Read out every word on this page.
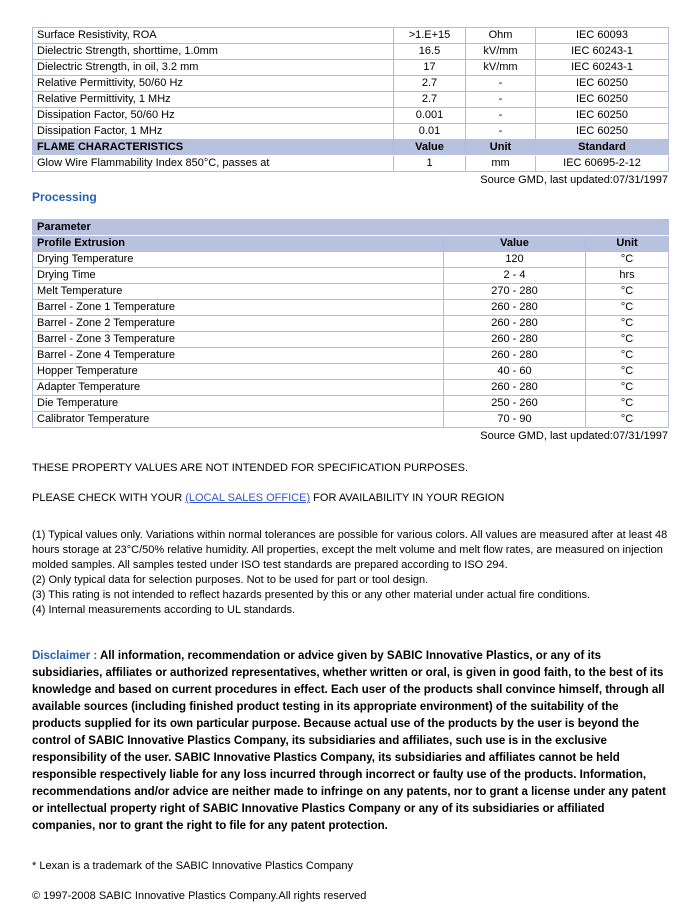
Surface Resistivity, ROA	>1.E+15	Ohm	IEC 60093
Dielectric Strength, shorttime, 1.0mm	16.5	kV/mm	IEC 60243-1
Dielectric Strength, in oil, 3.2 mm	17	kV/mm	IEC 60243-1
Relative Permittivity, 50/60 Hz	2.7	-	IEC 60250
Relative Permittivity, 1 MHz	2.7	-	IEC 60250
Dissipation Factor, 50/60 Hz	0.001	-	IEC 60250
Dissipation Factor, 1 MHz	0.01	-	IEC 60250
FLAME CHARACTERISTICS	Value	Unit	Standard
Glow Wire Flammability Index 850°C, passes at	1	mm	IEC 60695-2-12
Source GMD, last updated:07/31/1997
Processing
Parameter		
Profile Extrusion	Value	Unit
Drying Temperature	120	°C
Drying Time	2 - 4	hrs
Melt Temperature	270 - 280	°C
Barrel - Zone 1 Temperature	260 - 280	°C
Barrel - Zone 2 Temperature	260 - 280	°C
Barrel - Zone 3 Temperature	260 - 280	°C
Barrel - Zone 4 Temperature	260 - 280	°C
Hopper Temperature	40 - 60	°C
Adapter Temperature	260 - 280	°C
Die Temperature	250 - 260	°C
Calibrator Temperature	70 - 90	°C
Source GMD, last updated:07/31/1997
THESE PROPERTY VALUES ARE NOT INTENDED FOR SPECIFICATION PURPOSES.
PLEASE CHECK WITH YOUR (LOCAL SALES OFFICE) FOR AVAILABILITY IN YOUR REGION
(1) Typical values only. Variations within normal tolerances are possible for various colors. All values are measured after at least 48 hours storage at 23°C/50% relative humidity. All properties, except the melt volume and melt flow rates, are measured on injection molded samples. All samples tested under ISO test standards are prepared according to ISO 294.
(2) Only typical data for selection purposes. Not to be used for part or tool design.
(3) This rating is not intended to reflect hazards presented by this or any other material under actual fire conditions.
(4) Internal measurements according to UL standards.
Disclaimer : All information, recommendation or advice given by SABIC Innovative Plastics, or any of its subsidiaries, affiliates or authorized representatives, whether written or oral, is given in good faith, to the best of its knowledge and based on current procedures in effect. Each user of the products shall convince himself, through all available sources (including finished product testing in its appropriate environment) of the suitability of the products supplied for its own particular purpose. Because actual use of the products by the user is beyond the control of SABIC Innovative Plastics Company, its subsidiaries and affiliates, such use is in the exclusive responsibility of the user. SABIC Innovative Plastics Company, its subsidiaries and affiliates cannot be held responsible respectively liable for any loss incurred through incorrect or faulty use of the products. Information, recommendations and/or advice are neither made to infringe on any patents, nor to grant a license under any patent or intellectual property right of SABIC Innovative Plastics Company or any of its subsidiaries or affiliated companies, nor to grant the right to file for any patent protection.
* Lexan is a trademark of the SABIC Innovative Plastics Company
© 1997-2008 SABIC Innovative Plastics Company.All rights reserved
